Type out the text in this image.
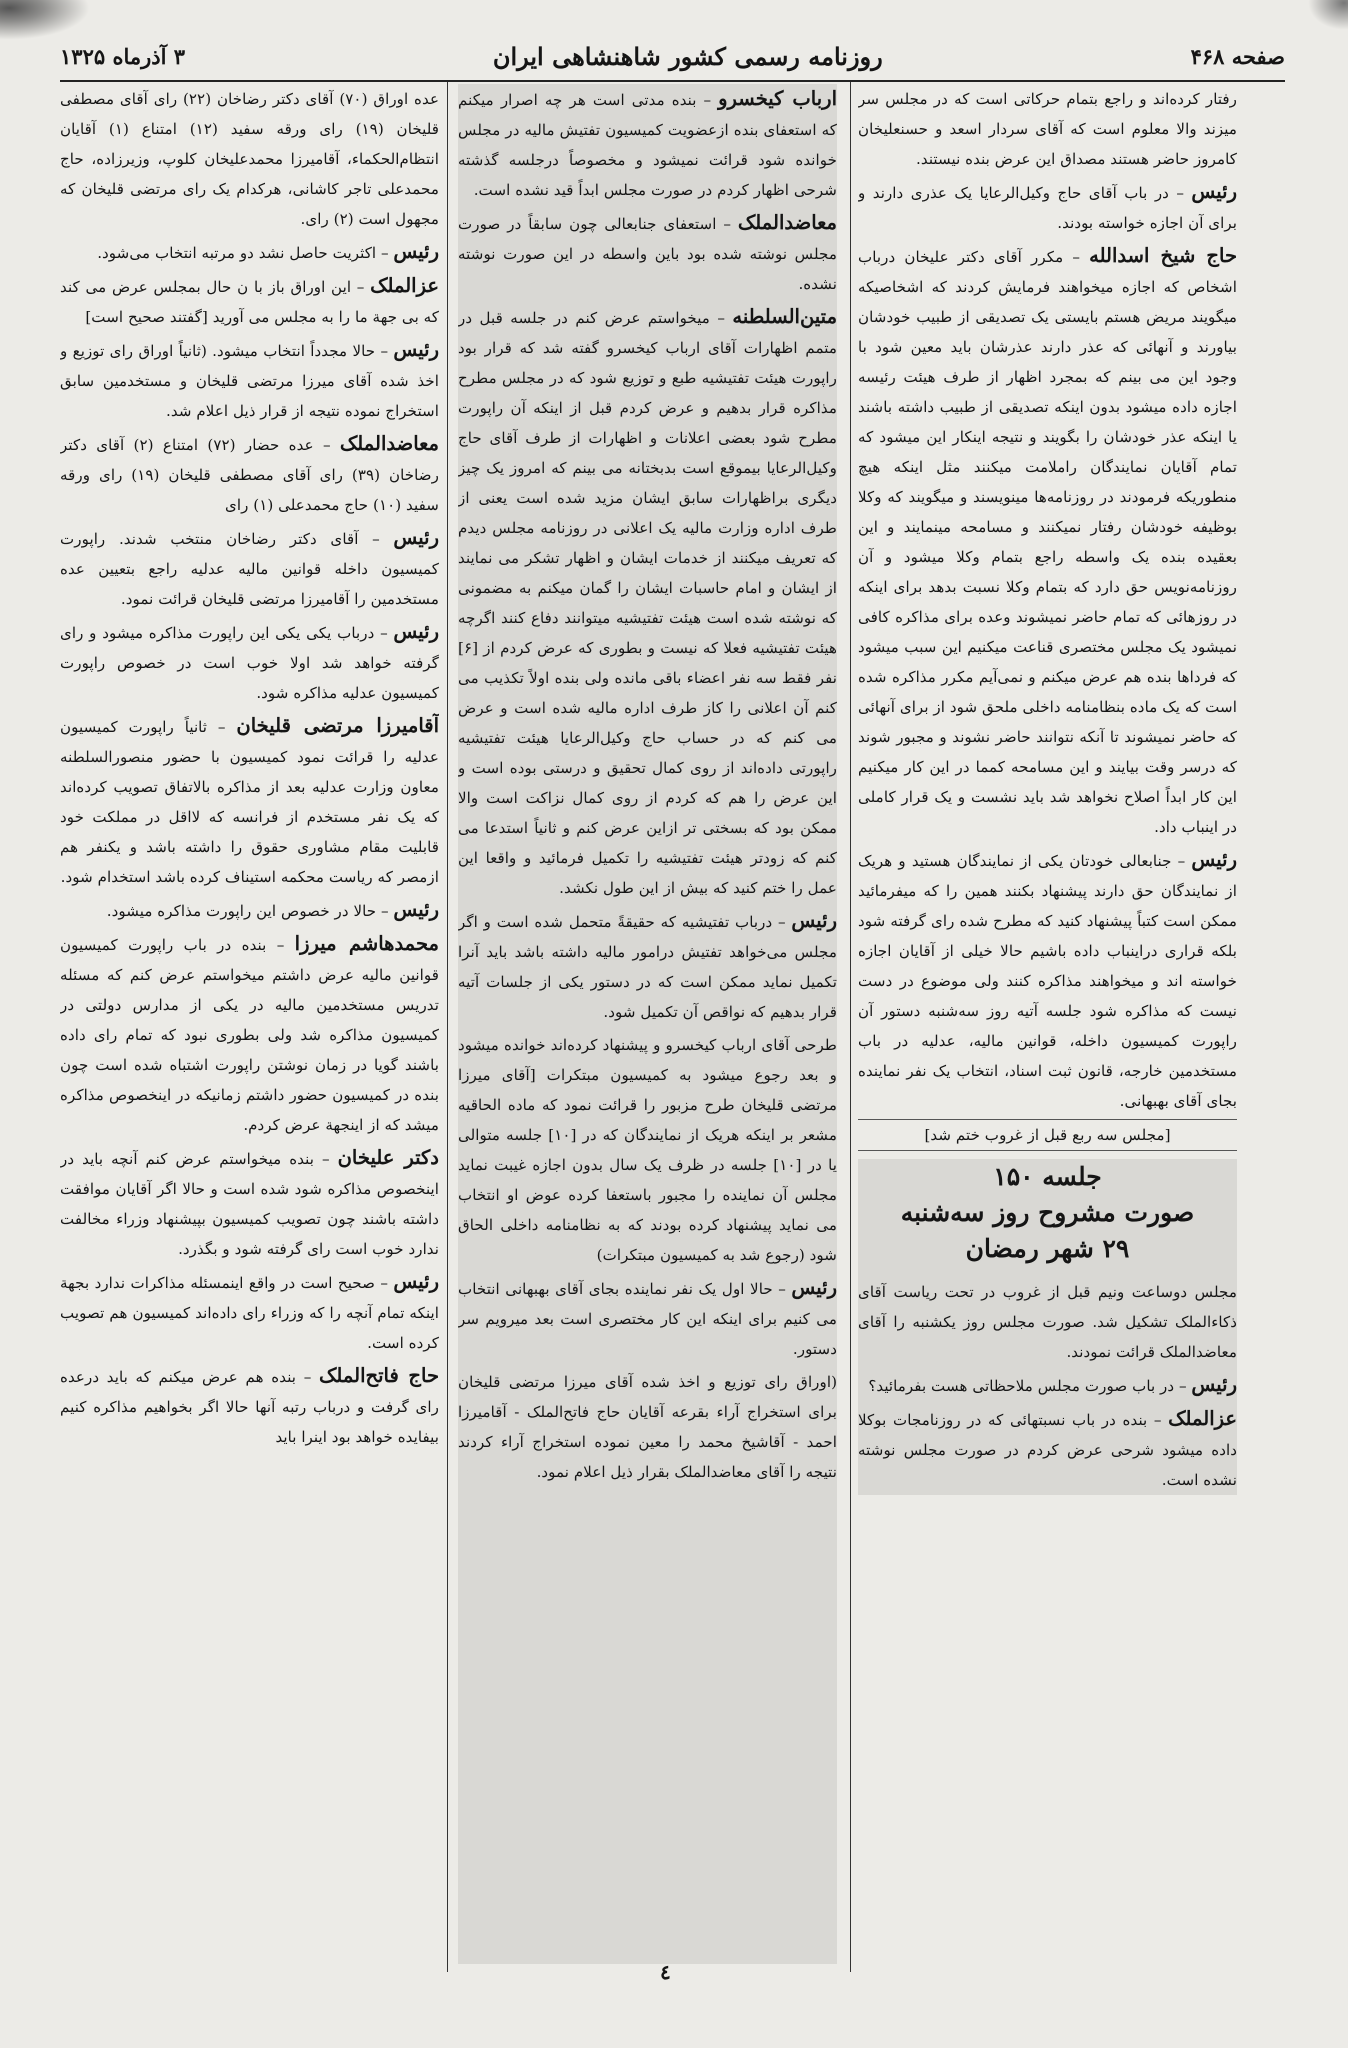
صفحه ۴۶۸
روزنامه رسمی کشور شاهنشاهی ایران
۳ آذرماه ۱۳۲۵

رفتار کرده‌اند و راجع بتمام حرکاتی است که در مجلس سر میزند والا معلوم است که آقای سردار اسعد و حسنعلیخان کامروز حاضر هستند مصداق این عرض بنده نیستند.

رئیس – در باب آقای حاج وکیل‌الرعایا یک عذری دارند و برای آن اجازه خواسته بودند.

حاج شیخ اسدالله – مکرر آقای دکتر علیخان درباب اشخاص که اجازه میخواهند فرمایش کردند که اشخاصیکه میگویند مریض هستم بایستی یک تصدیقی از طبیب خودشان بیاورند و آنهائی که عذر دارند عذرشان باید معین شود با وجود این می بینم که بمجرد اظهار از طرف هیئت رئیسه اجازه داده میشود بدون اینکه تصدیقی از طبیب داشته باشند یا اینکه عذر خودشان را بگویند و نتیجه اینکار این میشود که تمام آقایان نمایندگان راملامت میکنند مثل اینکه هیچ منطوریکه فرمودند در روزنامه‌ها مینویسند و میگویند که وکلا بوظیفه خودشان رفتار نمیکنند و مسامحه مینمایند و این بعقیده بنده یک واسطه راجع بتمام وکلا میشود و آن روزنامه‌نویس حق دارد که بتمام وکلا نسبت بدهد برای اینکه در روزهائی که تمام حاضر نمیشوند وعده برای مذاکره کافی نمیشود یک مجلس مختصری قناعت میکنیم این سبب میشود که فرداها بنده هم عرض میکنم و نمی‌آیم مکرر مذاکره شده است که یک ماده بنظامنامه داخلی ملحق شود از برای آنهائی که حاضر نمیشوند تا آنکه نتوانند حاضر نشوند و مجبور شوند که درسر وقت بیایند و این مسامحه کمما در این کار میکنیم این کار ابداً اصلاح نخواهد شد باید نشست و یک قرار کاملی در اینباب داد.

رئیس – جنابعالی خودتان یکی از نمایندگان هستید و هریک از نمایندگان حق دارند پیشنهاد بکنند همین را که میفرمائید ممکن است کتباً پیشنهاد کنید که مطرح شده رای گرفته شود بلکه قراری دراینباب داده باشیم حالا خیلی از آقایان اجازه خواسته اند و میخواهند مذاکره کنند ولی موضوع در دست نیست که مذاکره شود جلسه آتیه روز سه‌شنبه دستور آن راپورت کمیسیون داخله، قوانین مالیه، عدلیه در باب مستخدمین خارجه، قانون ثبت اسناد، انتخاب یک نفر نماینده بجای آقای بهبهانی.

[مجلس سه ربع قبل از غروب ختم شد]

جلسه ۱۵۰
صورت مشروح روز سه‌شنبه
۲۹ شهر رمضان

مجلس دوساعت ونیم قبل از غروب در تحت ریاست آقای ذکاءالملک تشکیل شد. صورت مجلس روز یکشنبه را آقای معاضدالملک قرائت نمودند.

رئیس – در باب صورت مجلس ملاحظاتی هست بفرمائید؟

عزالملک – بنده در باب نسبتهائی که در روزنامجات بوکلا داده میشود شرحی عرض کردم در صورت مجلس نوشته نشده است.

ارباب کیخسرو – بنده مدتی است هر چه اصرار میکنم که استعفای بنده ازعضویت کمیسیون تفتیش مالیه در مجلس خوانده شود قرائت نمیشود و مخصوصاً درجلسه گذشته شرحی اظهار کردم در صورت مجلس ابداً قید نشده است.

معاضدالملک – استعفای جنابعالی چون سابقاً در صورت مجلس نوشته شده بود باین واسطه در این صورت نوشته نشده.

متین‌السلطنه – میخواستم عرض کنم در جلسه قبل در متمم اظهارات آقای ارباب کیخسرو گفته شد که قرار بود راپورت هیئت تفتیشیه طبع و توزیع شود که در مجلس مطرح مذاکره قرار بدهیم و عرض کردم قبل از اینکه آن راپورت مطرح شود بعضی اعلانات و اظهارات از طرف آقای حاج وکیل‌الرعایا بیموقع است بدبختانه می بینم که امروز یک چیز دیگری براظهارات سابق ایشان مزید شده است یعنی از طرف اداره وزارت مالیه یک اعلانی در روزنامه مجلس دیدم که تعریف میکنند از خدمات ایشان و اظهار تشکر می نمایند از ایشان و امام حاسبات ایشان را گمان میکنم به مضمونی که نوشته شده است هیئت تفتیشیه میتوانند دفاع کنند اگرچه هیئت تفتیشیه فعلا که نیست و بطوری که عرض کردم از [۶] نفر فقط سه نفر اعضاء باقی مانده ولی بنده اولاً تکذیب می کنم آن اعلانی را کاز طرف اداره مالیه شده است و عرض می کنم که در حساب حاج وکیل‌الرعایا هیئت تفتیشیه راپورتی داده‌اند از روی کمال تحقیق و درستی بوده است و این عرض را هم که کردم از روی کمال نزاکت است والا ممکن بود که بسختی تر ازاین عرض کنم و ثانیاً استدعا می کنم که زودتر هیئت تفتیشیه را تکمیل فرمائید و واقعا این عمل را ختم کنید که بیش از این طول نکشد.

رئیس – درباب تفتیشیه که حقیقةً متحمل شده است و اگر مجلس می‌خواهد تفتیش درامور مالیه داشته باشد باید آنرا تکمیل نماید ممکن است که در دستور یکی از جلسات آتیه قرار بدهیم که نواقص آن تکمیل شود.

طرحی آقای ارباب کیخسرو و پیشنهاد کرده‌اند خوانده میشود و بعد رجوع میشود به کمیسیون مبتکرات [آقای میرزا مرتضی قلیخان طرح مزبور را قرائت نمود که ماده الحاقیه مشعر بر اینکه هریک از نمایندگان که در [۱۰] جلسه متوالی یا در [۱۰] جلسه در ظرف یک سال بدون اجازه غیبت نماید مجلس آن نماینده را مجبور باستعفا کرده عوض او انتخاب می نماید پیشنهاد کرده بودند که به نظامنامه داخلی الحاق شود (رجوع شد به کمیسیون مبتکرات)

رئیس – حالا اول یک نفر نماینده بجای آقای بهبهانی انتخاب می کنیم برای اینکه این کار مختصری است بعد میرویم سر دستور.

(اوراق رای توزیع و اخذ شده آقای میرزا مرتضی قلیخان برای استخراج آراء بقرعه آقایان حاج فاتح‌الملک - آقامیرزا احمد - آقاشیخ محمد را معین نموده استخراج آراء کردند نتیجه را آقای معاضدالملک بقرار ذیل اعلام نمود.

عده اوراق (۷۰) آقای دکتر رضاخان (۲۲) رای آقای مصطفی قلیخان (۱۹) رای ورقه سفید (۱۲) امتناع (۱) آقایان انتظام‌الحکماء، آقامیرزا محمدعلیخان کلوپ، وزیرزاده، حاج محمدعلی تاجر کاشانی، هرکدام یک رای مرتضی قلیخان که مجهول است (۲) رای.

رئیس – اکثریت حاصل نشد دو مرتبه انتخاب می‌شود.

عزالملک – این اوراق باز با ن حال بمجلس عرض می کند که بی جهة ما را به مجلس می آورید [گفتند صحیح است]

رئیس – حالا مجدداً انتخاب میشود. (ثانیاً اوراق رای توزیع و اخذ شده آقای میرزا مرتضی قلیخان و مستخدمین سابق استخراج نموده نتیجه از قرار ذیل اعلام شد.

معاضدالملک – عده حضار (۷۲) امتناع (۲) آقای دکتر رضاخان (۳۹) رای آقای مصطفی قلیخان (۱۹) رای ورقه سفید (۱۰) حاج محمدعلی (۱) رای

رئیس – آقای دکتر رضاخان منتخب شدند. راپورت کمیسیون داخله قوانین مالیه عدلیه راجع بتعیین عده مستخدمین را آقامیرزا مرتضی قلیخان قرائت نمود.

رئیس – درباب یکی یکی این راپورت مذاکره میشود و رای گرفته خواهد شد اولا خوب است در خصوص راپورت کمیسیون عدلیه مذاکره شود.

آقامیرزا مرتضی قلیخان – ثانیاً راپورت کمیسیون عدلیه را قرائت نمود کمیسیون با حضور منصورالسلطنه معاون وزارت عدلیه بعد از مذاکره بالاتفاق تصویب کرده‌اند که یک نفر مستخدم از فرانسه که لااقل در مملکت خود قابلیت مقام مشاوری حقوق را داشته باشد و یکنفر هم ازمصر که ریاست محکمه استیناف کرده باشد استخدام شود.

رئیس – حالا در خصوص این راپورت مذاکره میشود.

محمدهاشم میرزا – بنده در باب راپورت کمیسیون قوانین مالیه عرض داشتم میخواستم عرض کنم که مسئله تدریس مستخدمین مالیه در یکی از مدارس دولتی در کمیسیون مذاکره شد ولی بطوری نبود که تمام رای داده باشند گویا در زمان نوشتن راپورت اشتباه شده است چون بنده در کمیسیون حضور داشتم زمانیکه در اینخصوص مذاکره میشد که از اینجهة عرض کردم.

دکتر علیخان – بنده میخواستم عرض کنم آنچه باید در اینخصوص مذاکره شود شده است و حالا اگر آقایان موافقت داشته باشند چون تصویب کمیسیون بپیشنهاد وزراء مخالفت ندارد خوب است رای گرفته شود و بگذرد.

رئیس – صحیح است در واقع اینمسئله مذاکرات ندارد بجهة اینکه تمام آنچه را که وزراء رای داده‌اند کمیسیون هم تصویب کرده است.

حاج فاتح‌الملک – بنده هم عرض میکنم که باید درعده رای گرفت و درباب رتبه آنها حالا اگر بخواهیم مذاکره کنیم بیفایده خواهد بود اینرا باید

٤
